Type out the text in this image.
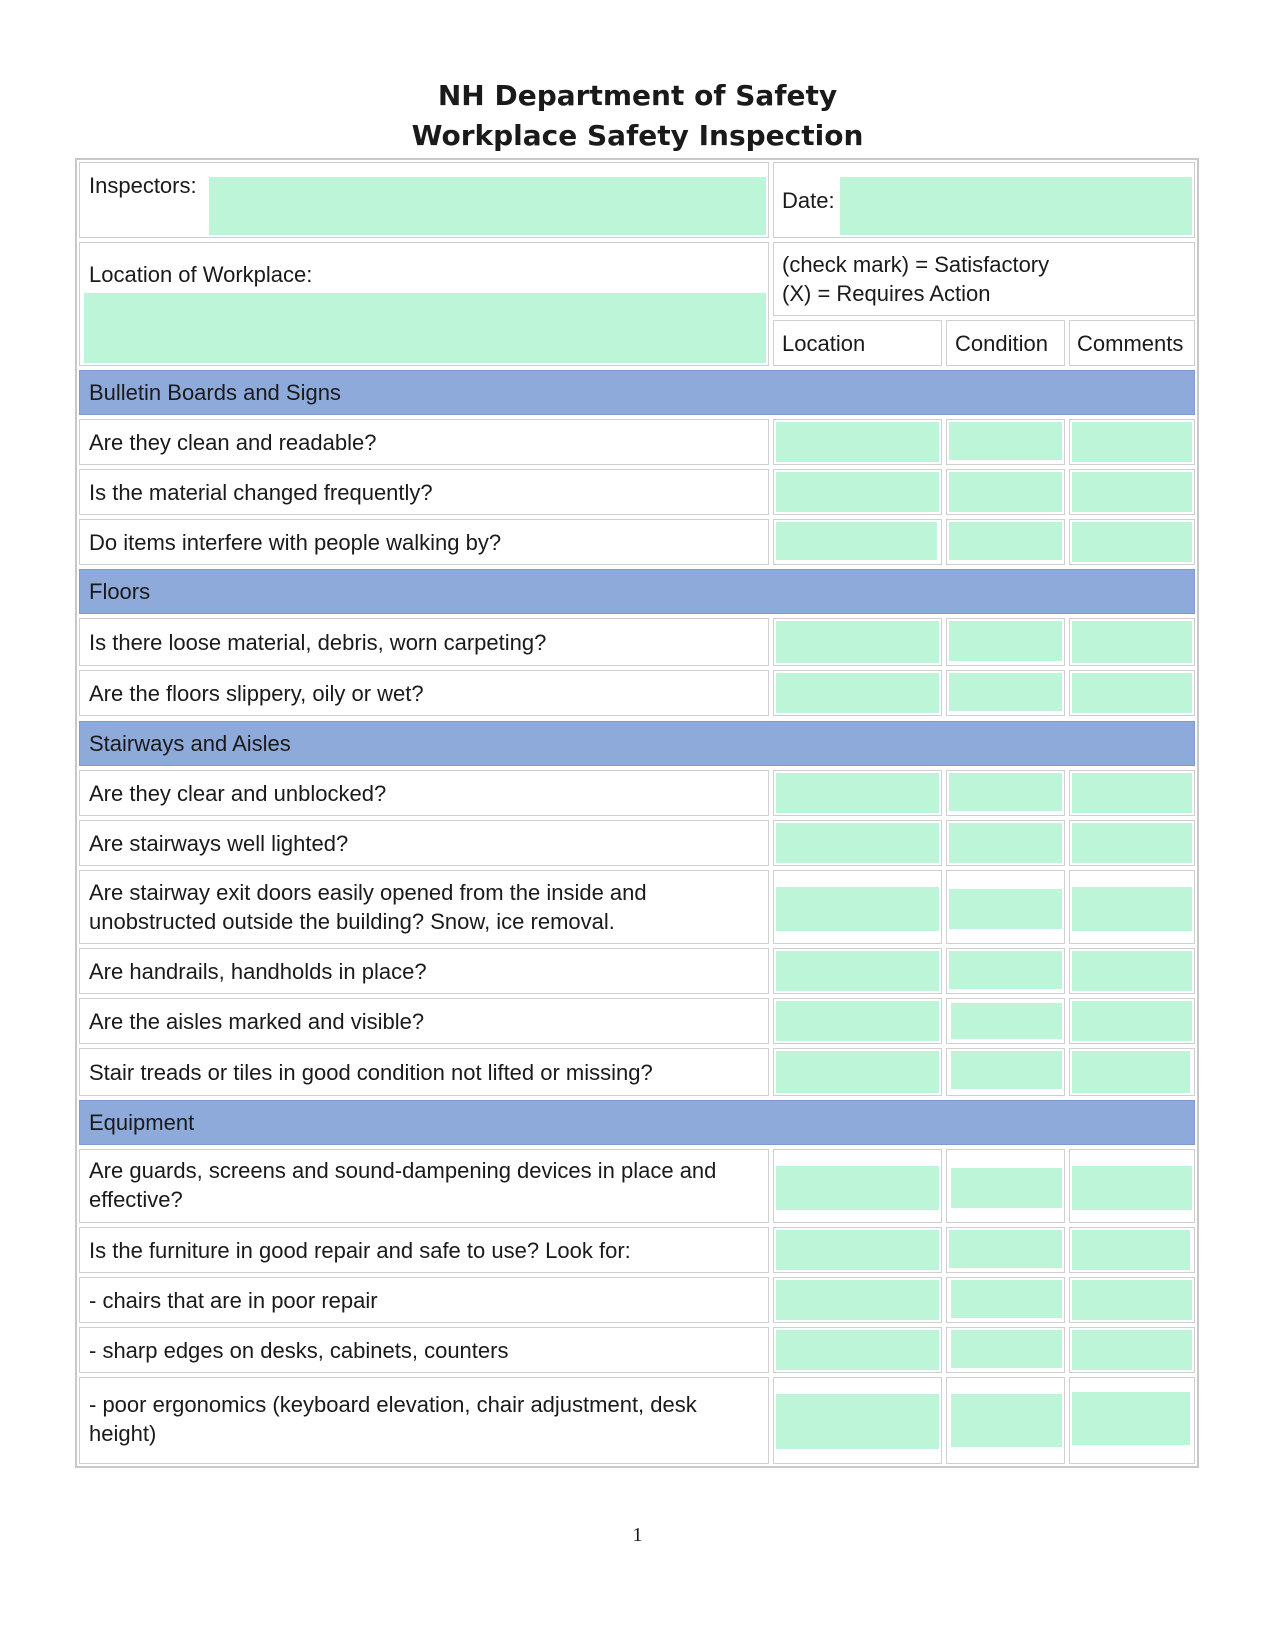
NH Department of Safety
Workplace Safety Inspection
Inspectors:
Date:
Location of Workplace:	(check mark) = Satisfactory
(X) = Requires Action
Location	Condition Comments
Bulletin Boards and Signs
Are they clean and readable?
Is the material changed frequently?
Do items interfere with people walking by?
Floors
Is there loose material, debris, worn carpeting?
Are the floors slippery, oily or wet?
Stairways and Aisles
Are they clear and unblocked?
Are stairways well lighted?
Are stairway exit doors easily opened from the inside and unobstructed outside the building? Snow, ice removal.
Are handrails, handholds in place?
Are the aisles marked and visible?
Stair treads or tiles in good condition not lifted or missing?
Equipment
Are guards, screens and sound-dampening devices in place and effective?
Is the furniture in good repair and safe to use? Look for:
- chairs that are in poor repair
- sharp edges on desks, cabinets, counters
- poor ergonomics (keyboard elevation, chair adjustment, desk height)
1
